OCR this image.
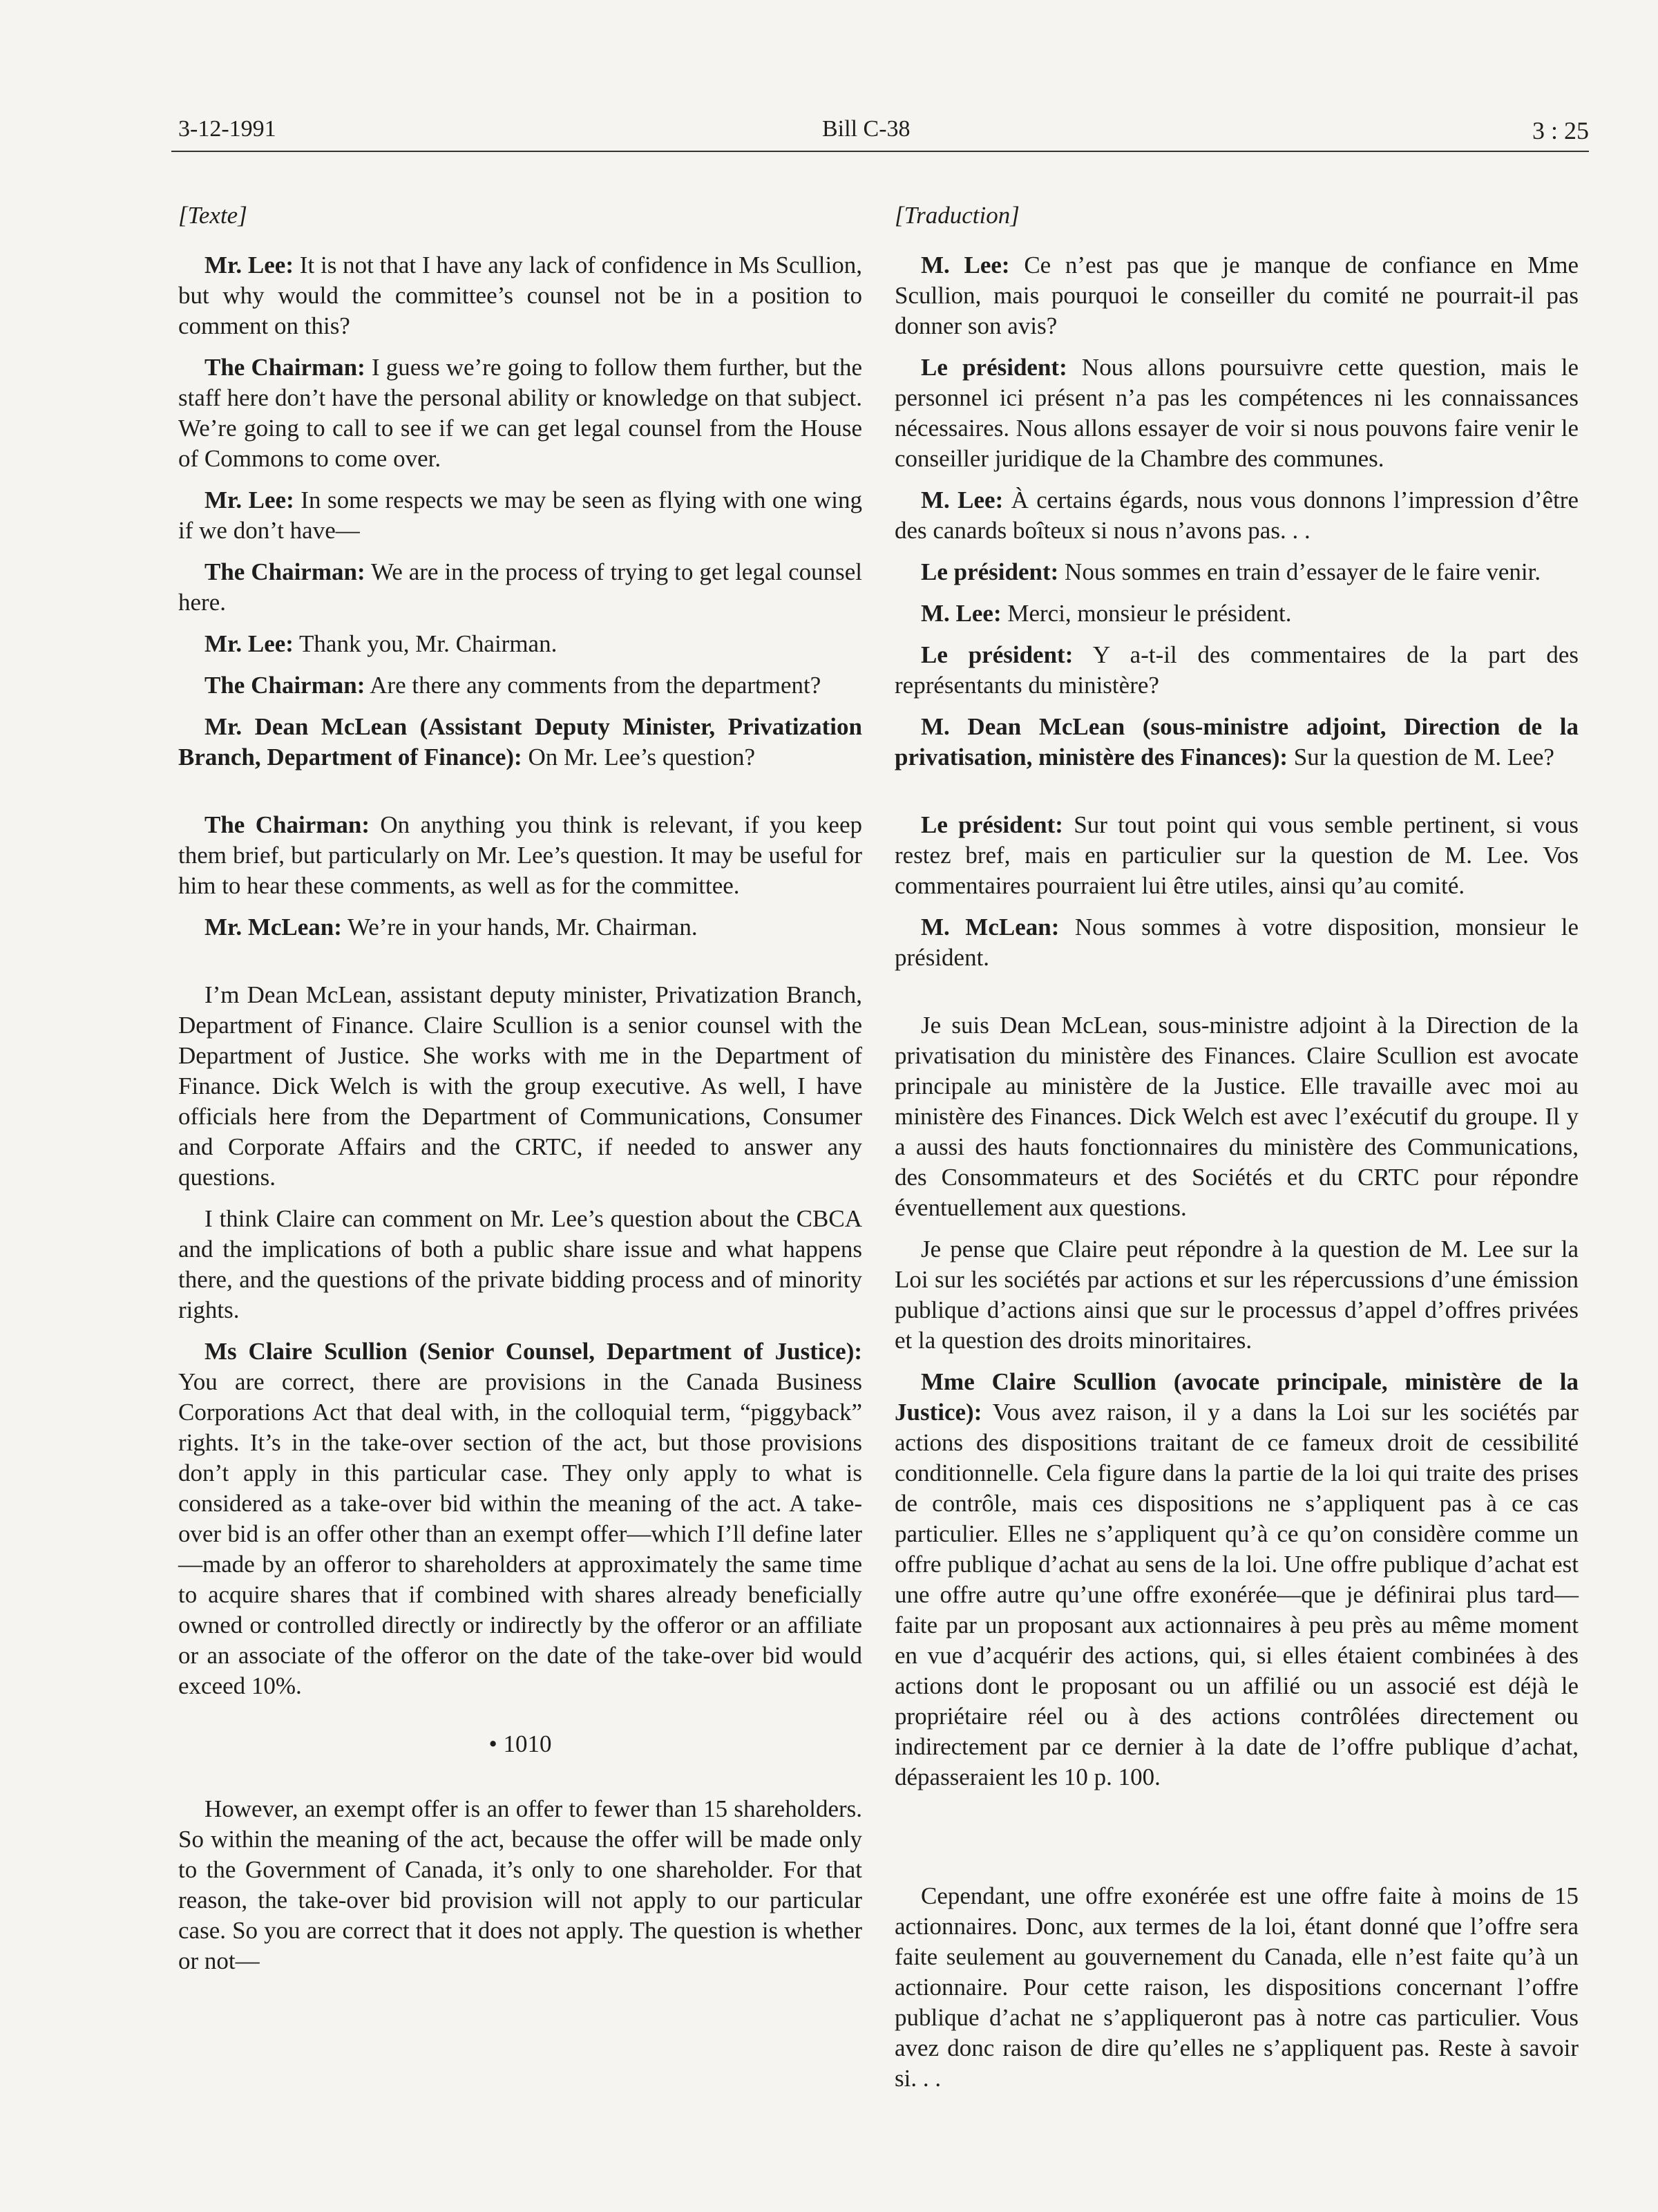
3-12-1991	Bill C-38	3 : 25
[Texte]

Mr. Lee: It is not that I have any lack of confidence in Ms Scullion, but why would the committee’s counsel not be in a position to comment on this?

The Chairman: I guess we’re going to follow them further, but the staff here don’t have the personal ability or knowledge on that subject. We’re going to call to see if we can get legal counsel from the House of Commons to come over.

Mr. Lee: In some respects we may be seen as flying with one wing if we don’t have—

The Chairman: We are in the process of trying to get legal counsel here.

Mr. Lee: Thank you, Mr. Chairman.

The Chairman: Are there any comments from the department?

Mr. Dean McLean (Assistant Deputy Minister, Privatization Branch, Department of Finance): On Mr. Lee’s question?

The Chairman: On anything you think is relevant, if you keep them brief, but particularly on Mr. Lee’s question. It may be useful for him to hear these comments, as well as for the committee.

Mr. McLean: We’re in your hands, Mr. Chairman.

I’m Dean McLean, assistant deputy minister, Privatization Branch, Department of Finance. Claire Scullion is a senior counsel with the Department of Justice. She works with me in the Department of Finance. Dick Welch is with the group executive. As well, I have officials here from the Department of Communications, Consumer and Corporate Affairs and the CRTC, if needed to answer any questions.

I think Claire can comment on Mr. Lee’s question about the CBCA and the implications of both a public share issue and what happens there, and the questions of the private bidding process and of minority rights.

Ms Claire Scullion (Senior Counsel, Department of Justice): You are correct, there are provisions in the Canada Business Corporations Act that deal with, in the colloquial term, “piggyback” rights. It’s in the take-over section of the act, but those provisions don’t apply in this particular case. They only apply to what is considered as a take-over bid within the meaning of the act. A take-over bid is an offer other than an exempt offer—which I’ll define later—made by an offeror to shareholders at approximately the same time to acquire shares that if combined with shares already beneficially owned or controlled directly or indirectly by the offeror or an affiliate or an associate of the offeror on the date of the take-over bid would exceed 10%.

• 1010

However, an exempt offer is an offer to fewer than 15 shareholders. So within the meaning of the act, because the offer will be made only to the Government of Canada, it’s only to one shareholder. For that reason, the take-over bid provision will not apply to our particular case. So you are correct that it does not apply. The question is whether or not—

[Traduction]

M. Lee: Ce n’est pas que je manque de confiance en Mme Scullion, mais pourquoi le conseiller du comité ne pourrait-il pas donner son avis?

Le président: Nous allons poursuivre cette question, mais le personnel ici présent n’a pas les compétences ni les connaissances nécessaires. Nous allons essayer de voir si nous pouvons faire venir le conseiller juridique de la Chambre des communes.

M. Lee: À certains égards, nous vous donnons l’impression d’être des canards boîteux si nous n’avons pas. . .

Le président: Nous sommes en train d’essayer de le faire venir.

M. Lee: Merci, monsieur le président.

Le président: Y a-t-il des commentaires de la part des représentants du ministère?

M. Dean McLean (sous-ministre adjoint, Direction de la privatisation, ministère des Finances): Sur la question de M. Lee?

Le président: Sur tout point qui vous semble pertinent, si vous restez bref, mais en particulier sur la question de M. Lee. Vos commentaires pourraient lui être utiles, ainsi qu’au comité.

M. McLean: Nous sommes à votre disposition, monsieur le président.

Je suis Dean McLean, sous-ministre adjoint à la Direction de la privatisation du ministère des Finances. Claire Scullion est avocate principale au ministère de la Justice. Elle travaille avec moi au ministère des Finances. Dick Welch est avec l’exécutif du groupe. Il y a aussi des hauts fonctionnaires du ministère des Communications, des Consommateurs et des Sociétés et du CRTC pour répondre éventuellement aux questions.

Je pense que Claire peut répondre à la question de M. Lee sur la Loi sur les sociétés par actions et sur les répercussions d’une émission publique d’actions ainsi que sur le processus d’appel d’offres privées et la question des droits minoritaires.

Mme Claire Scullion (avocate principale, ministère de la Justice): Vous avez raison, il y a dans la Loi sur les sociétés par actions des dispositions traitant de ce fameux droit de cessibilité conditionnelle. Cela figure dans la partie de la loi qui traite des prises de contrôle, mais ces dispositions ne s’appliquent pas à ce cas particulier. Elles ne s’appliquent qu’à ce qu’on considère comme un offre publique d’achat au sens de la loi. Une offre publique d’achat est une offre autre qu’une offre exonérée—que je définirai plus tard—faite par un proposant aux actionnaires à peu près au même moment en vue d’acquérir des actions, qui, si elles étaient combinées à des actions dont le proposant ou un affilié ou un associé est déjà le propriétaire réel ou à des actions contrôlées directement ou indirectement par ce dernier à la date de l’offre publique d’achat, dépasseraient les 10 p. 100.

Cependant, une offre exonérée est une offre faite à moins de 15 actionnaires. Donc, aux termes de la loi, étant donné que l’offre sera faite seulement au gouvernement du Canada, elle n’est faite qu’à un actionnaire. Pour cette raison, les dispositions concernant l’offre publique d’achat ne s’appliqueront pas à notre cas particulier. Vous avez donc raison de dire qu’elles ne s’appliquent pas. Reste à savoir si. . .
